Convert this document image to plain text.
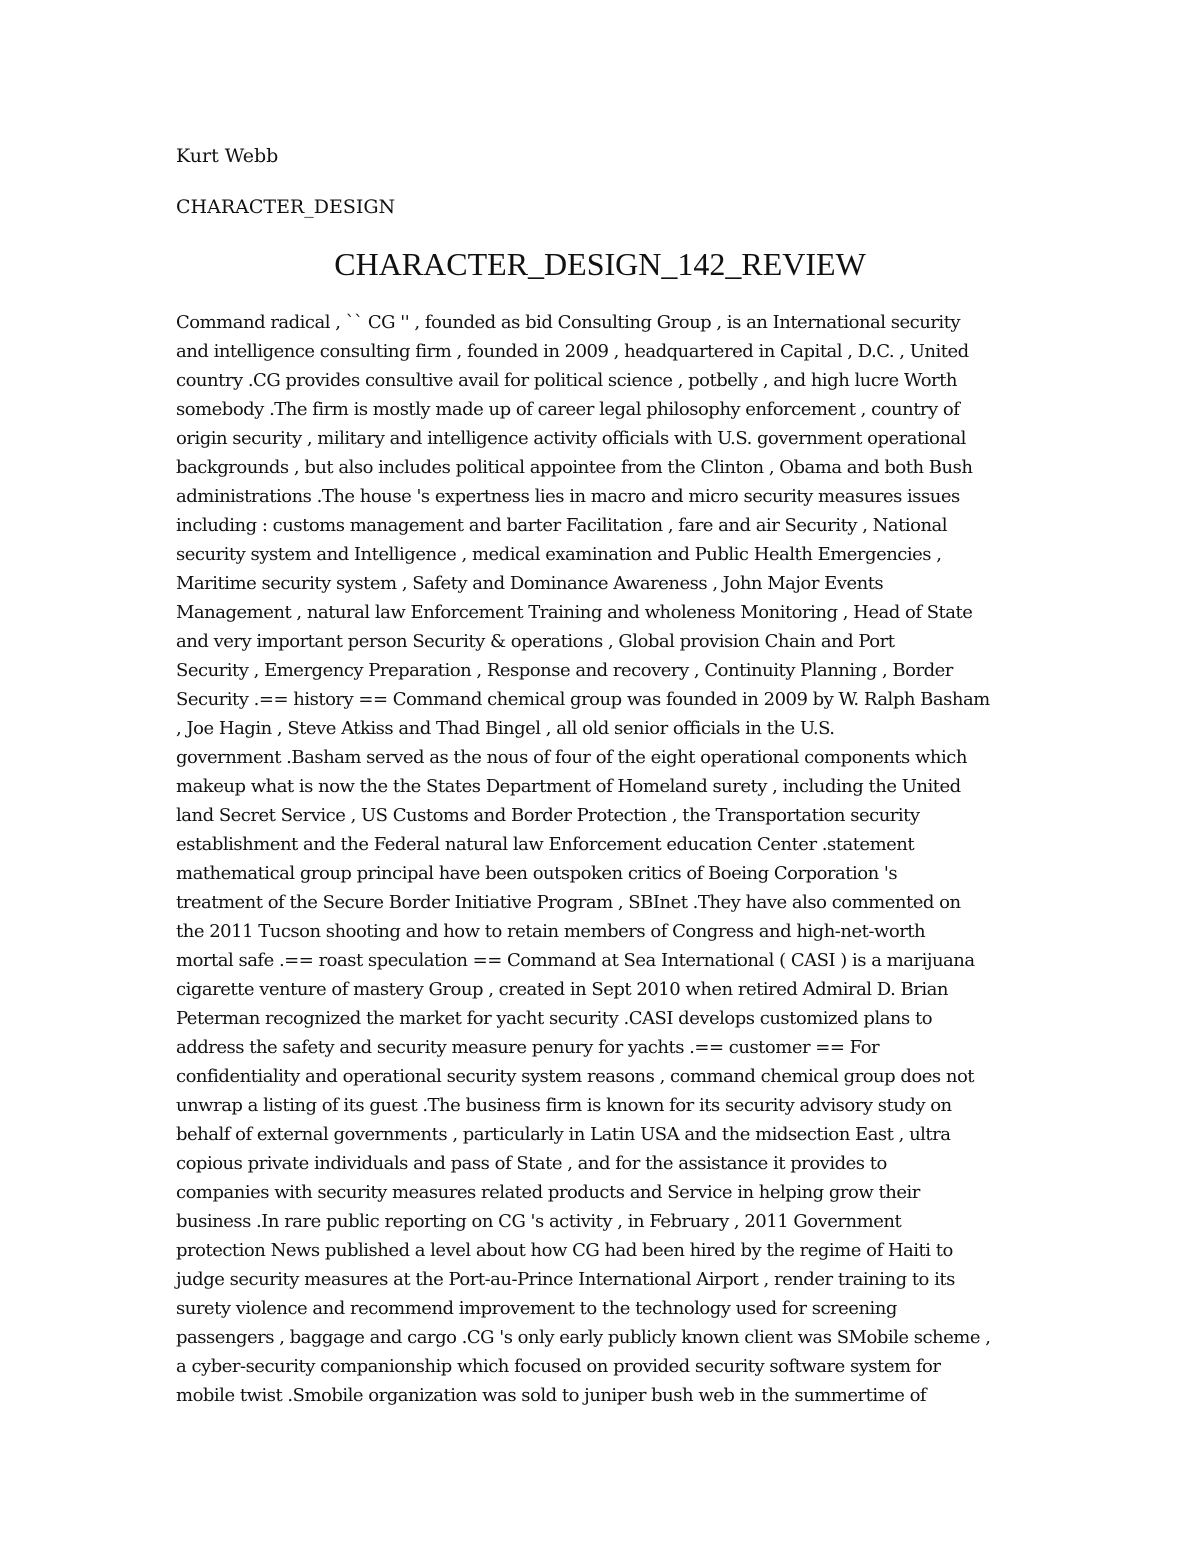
Kurt Webb
CHARACTER_DESIGN
CHARACTER_DESIGN_142_REVIEW
Command radical , `` CG '' , founded as bid Consulting Group , is an International security
and intelligence consulting firm , founded in 2009 , headquartered in Capital , D.C. , United
country .CG provides consultive avail for political science , potbelly , and high lucre Worth
somebody .The firm is mostly made up of career legal philosophy enforcement , country of
origin security , military and intelligence activity officials with U.S. government operational
backgrounds , but also includes political appointee from the Clinton , Obama and both Bush
administrations .The house 's expertness lies in macro and micro security measures issues
including : customs management and barter Facilitation , fare and air Security , National
security system and Intelligence , medical examination and Public Health Emergencies ,
Maritime security system , Safety and Dominance Awareness , John Major Events
Management , natural law Enforcement Training and wholeness Monitoring , Head of State
and very important person Security & operations , Global provision Chain and Port
Security , Emergency Preparation , Response and recovery , Continuity Planning , Border
Security .== history == Command chemical group was founded in 2009 by W. Ralph Basham
, Joe Hagin , Steve Atkiss and Thad Bingel , all old senior officials in the U.S.
government .Basham served as the nous of four of the eight operational components which
makeup what is now the the States Department of Homeland surety , including the United
land Secret Service , US Customs and Border Protection , the Transportation security
establishment and the Federal natural law Enforcement education Center .statement
mathematical group principal have been outspoken critics of Boeing Corporation 's
treatment of the Secure Border Initiative Program , SBInet .They have also commented on
the 2011 Tucson shooting and how to retain members of Congress and high-net-worth
mortal safe .== roast speculation == Command at Sea International ( CASI ) is a marijuana
cigarette venture of mastery Group , created in Sept 2010 when retired Admiral D. Brian
Peterman recognized the market for yacht security .CASI develops customized plans to
address the safety and security measure penury for yachts .== customer == For
confidentiality and operational security system reasons , command chemical group does not
unwrap a listing of its guest .The business firm is known for its security advisory study on
behalf of external governments , particularly in Latin USA and the midsection East , ultra
copious private individuals and pass of State , and for the assistance it provides to
companies with security measures related products and Service in helping grow their
business .In rare public reporting on CG 's activity , in February , 2011 Government
protection News published a level about how CG had been hired by the regime of Haiti to
judge security measures at the Port-au-Prince International Airport , render training to its
surety violence and recommend improvement to the technology used for screening
passengers , baggage and cargo .CG 's only early publicly known client was SMobile scheme ,
a cyber-security companionship which focused on provided security software system for
mobile twist .Smobile organization was sold to juniper bush web in the summertime of
